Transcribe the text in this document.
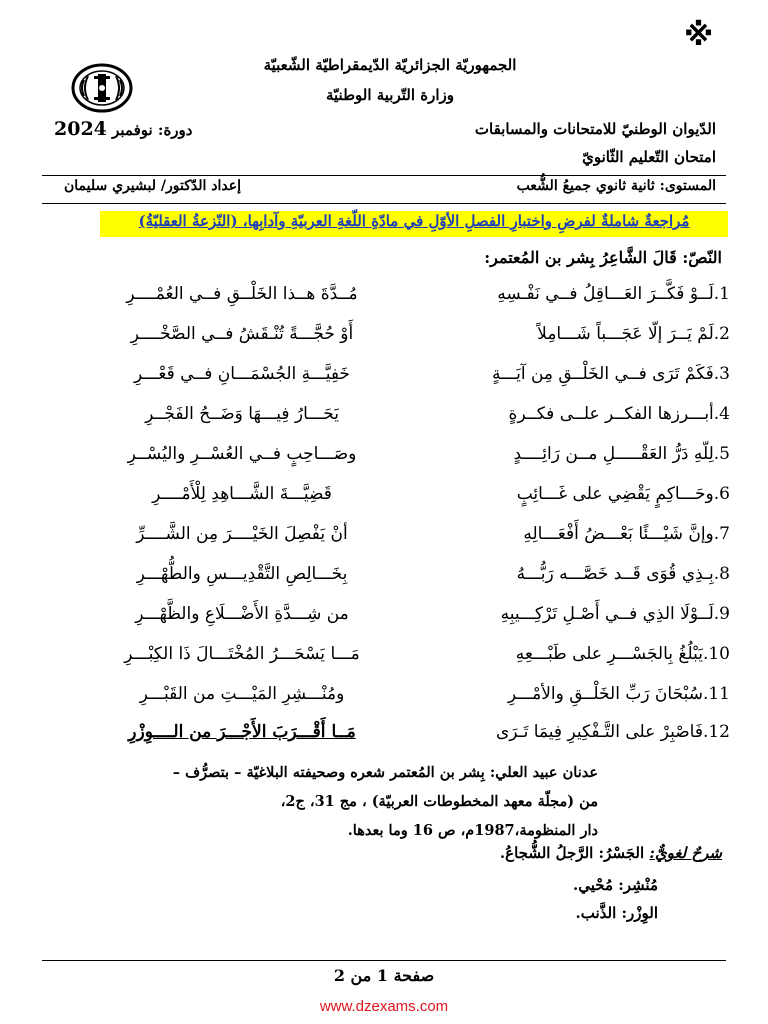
※
الجمهوريّة الجزائريّة الدّيمقراطيّة الشّعبيّة
وزارة التّربية الوطنيّة
الدّيوان الوطنيّ للامتحانات والمسابقات
امتحان التّعليم الثّانويّ
دورة: نوفمبر 2024
المستوى: ثانية ثانوي جميعُ الشُّعب
إعداد الدّكتور/ لبشيري سليمان
مُراجعةٌ شاملةٌ لفرضِ واختبارِ الفصلِ الأوّلِ في مادّةِ اللّغةِ العربيّةِ وآدابِها، (النّزعةُ العقليّةُ)
النّصّ: قَالَ الشَّاعِرُ بِشر بن المُعتمر:
1.لَــوْ فَكَّــرَ العَـــاقِلُ فــي نَفْـسِهِ
مُــدَّةَ هــذا الخَلْــقِ فــي العُمْــــرِ
2.لَمْ يَــرَ إلّا عَجَـــباً شَـــامِلاً
أَوْ حُجَّـــةً تُنْـقَشُ فــي الصَّخْــــرِ
3.فَكَمْ تَرَى فــي الخَلْــقِ مِن آيَـــةٍ
خَفِيَّـــةِ الجُسْمَـــانِ فــي قَعْـــرِ
4.أبـــرزها الفكــر علــى فكــرةٍ
يَحَـــارُ فِيـــهَا وَضَــحُ الفَجْــرِ
5.لِلّهِ دَرُّ العَقْـــــلِ مــن رَائِــــدٍ
وصَـــاحِبٍ فــي العُسْــرِ واليُسْــرِ
6.وحَـــاكِمٍ يَقْضِي على غَـــائِبٍ
قَضِيَّـــةَ الشَّـــاهِدِ لِلْأَمْــــرِ
7.وإنَّ شَيْـــئًا بَعْـــضُ أَفْعَـــالِهِ
أنْ يَفْصِلَ الخَيْــــرَ مِن الشَّــــرِّ
8.بِـذِي قُوَى قَــد خَصَّـــه رَبُّـــهُ
بِخَـــالِصِ التَّقْدِيـــسِ والطُّهْـــرِ
9.لَــوْلَا الذِي فــي أَصْـلِ تَرْكِـــيبِهِ
من شِـــدَّةِ الأَضْـــلَاعِ والظَّهْـــرِ
10.يَبْلُغُ بِالجَسْـــرِ على طَبْـــعِهِ
مَـــا يَسْحَـــرُ المُخْتَـــالَ ذَا الكِبْـــرِ
11.سُبْحَانَ رَبِّ الخَلْــقِ والأمْـــرِ
ومُنْـــشِرِ المَيْـــتِ من القَبْـــرِ
12.فَاصْبِرْ على التَّـفْكِيرِ فِيمَا تَـرَى
مَــا أَقْـــرَبَ الأَجْـــرَ من الــــوِزْرِ
عدنان عبيد العلي: بِشر بن المُعتمر شعره وصحيفته البلاغيّة – بتصرُّف –
من (مجلّة معهد المخطوطات العربيّة) ، مج 31، ج2،
دار المنظومة،1987م، ص 16 وما بعدها.
شرحٌ لغويٌّ: الجَسْرُ: الرَّجلُ الشُّجاعُ.
مُنْشِر: مُحْيي.
الوِزْر: الذَّنب.
صفحة 1 من 2
www.dzexams.com
